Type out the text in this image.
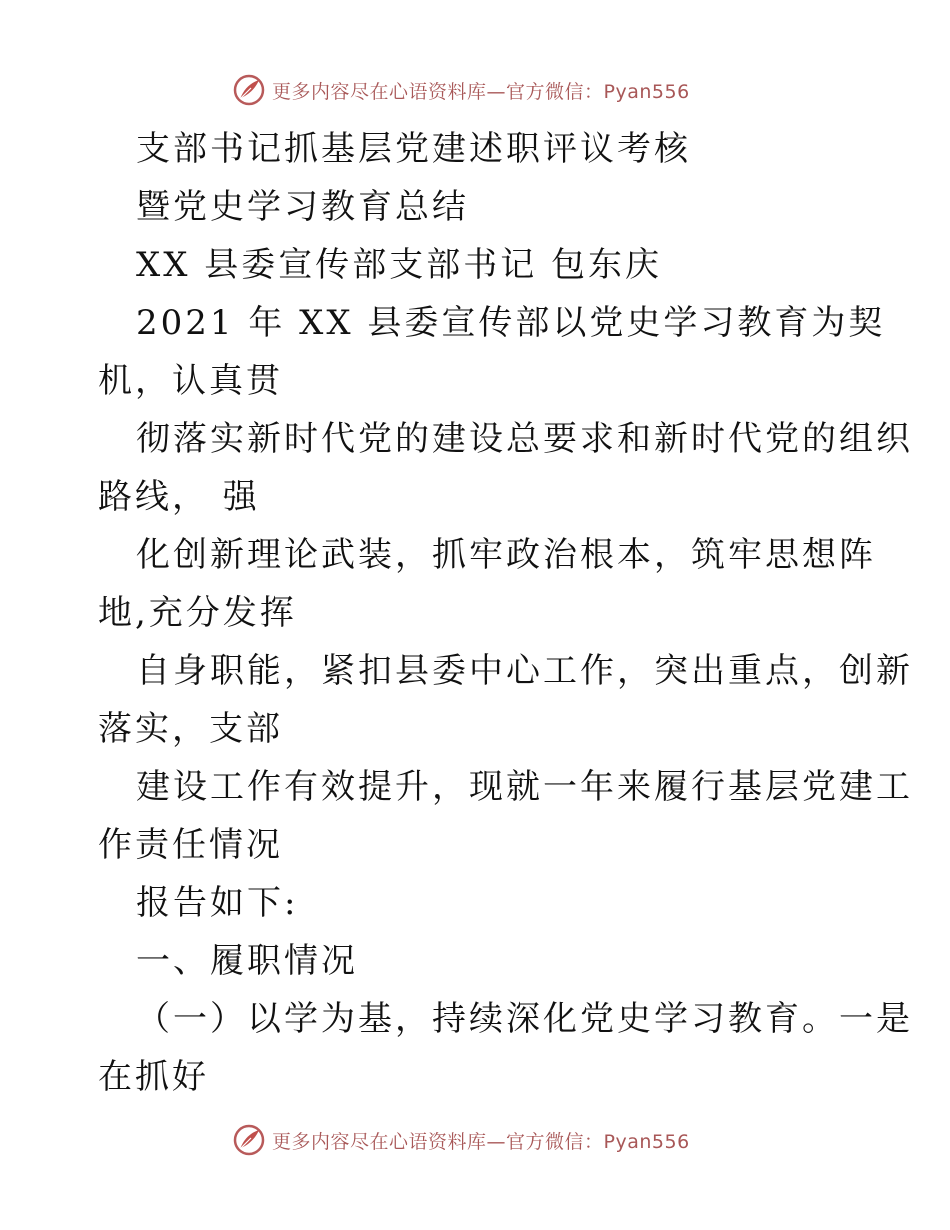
更多内容尽在心语资料库—官方微信：Pyan556
支部书记抓基层党建述职评议考核
暨党史学习教育总结
XX 县委宣传部支部书记 包东庆
2021 年 XX 县委宣传部以党史学习教育为契
机，认真贯
彻落实新时代党的建设总要求和新时代党的组织
路线， 强
化创新理论武装，抓牢政治根本，筑牢思想阵
地,充分发挥
自身职能，紧扣县委中心工作，突出重点，创新
落实，支部
建设工作有效提升，现就一年来履行基层党建工
作责任情况
报告如下:
一、履职情况
（一）以学为基，持续深化党史学习教育。一是
在抓好
更多内容尽在心语资料库—官方微信：Pyan556
